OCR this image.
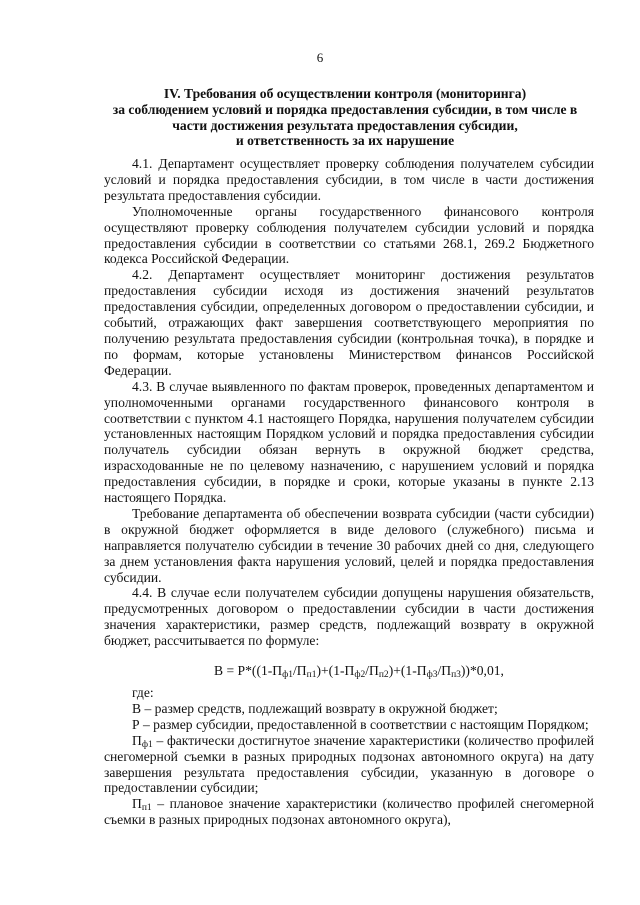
6
IV. Требования об осуществлении контроля (мониторинга)
за соблюдением условий и порядка предоставления субсидии, в том числе в
части достижения результата предоставления субсидии,
и ответственность за их нарушение

4.1. Департамент осуществляет проверку соблюдения получателем субсидии условий и порядка предоставления субсидии, в том числе в части достижения результата предоставления субсидии.

Уполномоченные органы государственного финансового контроля осуществляют проверку соблюдения получателем субсидии условий и порядка предоставления субсидии в соответствии со статьями 268.1, 269.2 Бюджетного кодекса Российской Федерации.

4.2. Департамент осуществляет мониторинг достижения результатов предоставления субсидии исходя из достижения значений результатов предоставления субсидии, определенных договором о предоставлении субсидии, и событий, отражающих факт завершения соответствующего мероприятия по получению результата предоставления субсидии (контрольная точка), в порядке и по формам, которые установлены Министерством финансов Российской Федерации.

4.3. В случае выявленного по фактам проверок, проведенных департаментом и уполномоченными органами государственного финансового контроля в соответствии с пунктом 4.1 настоящего Порядка, нарушения получателем субсидии установленных настоящим Порядком условий и порядка предоставления субсидии получатель субсидии обязан вернуть в окружной бюджет средства, израсходованные не по целевому назначению, с нарушением условий и порядка предоставления субсидии, в порядке и сроки, которые указаны в пункте 2.13 настоящего Порядка.

Требование департамента об обеспечении возврата субсидии (части субсидии) в окружной бюджет оформляется в виде делового (служебного) письма и направляется получателю субсидии в течение 30 рабочих дней со дня, следующего за днем установления факта нарушения условий, целей и порядка предоставления субсидии.

4.4. В случае если получателем субсидии допущены нарушения обязательств, предусмотренных договором о предоставлении субсидии в части достижения значения характеристики, размер средств, подлежащий возврату в окружной бюджет, рассчитывается по формуле:

$В = Р*((1-П_{ф1}/П_{п1})+(1-П_{ф2}/П_{п2})+(1-П_{ф3}/П_{п3}))*0,01$,

где:

В – размер средств, подлежащий возврату в окружной бюджет;

Р – размер субсидии, предоставленной в соответствии с настоящим Порядком;

$П_{ф1}$ – фактически достигнутое значение характеристики (количество профилей снегомерной съемки в разных природных подзонах автономного округа) на дату завершения результата предоставления субсидии, указанную в договоре о предоставлении субсидии;

$П_{п1}$ – плановое значение характеристики (количество профилей снегомерной съемки в разных природных подзонах автономного округа),
